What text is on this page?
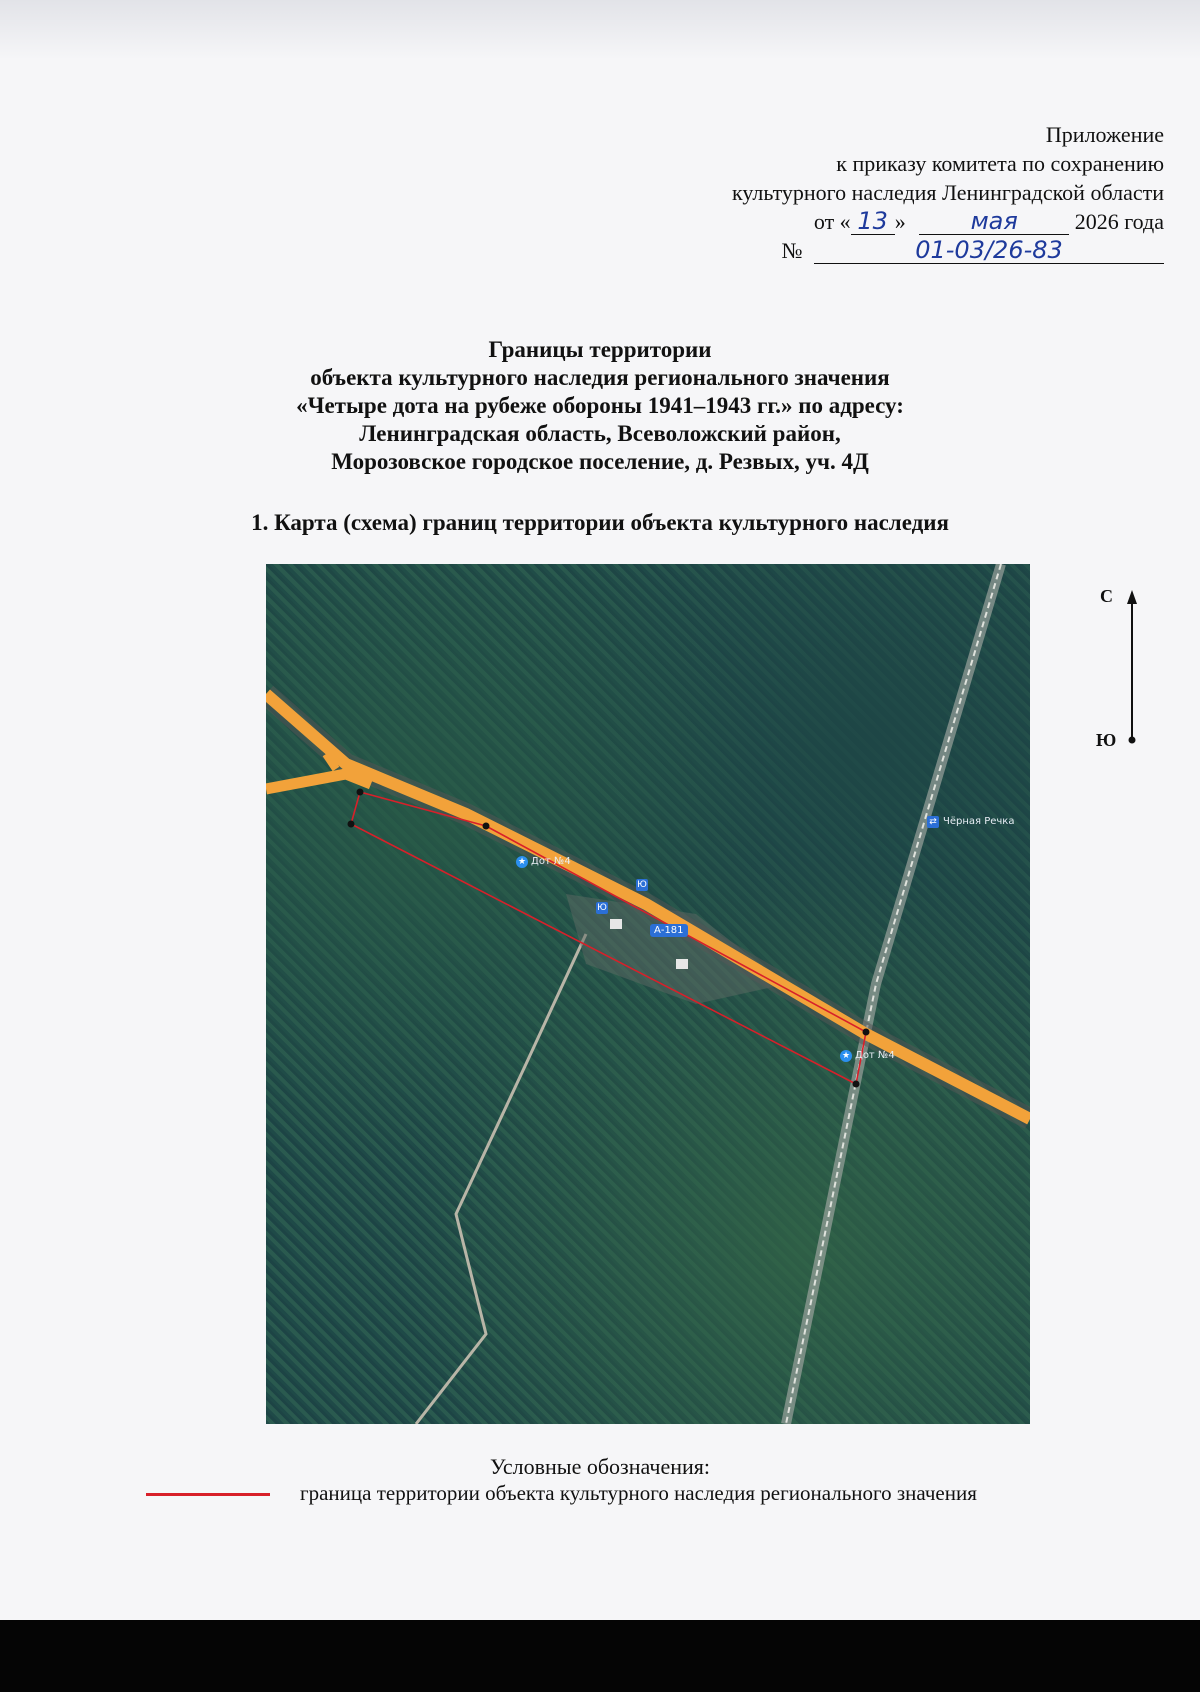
Приложение
к приказу комитета по сохранению
культурного наследия Ленинградской области
от « 13 »	мая	2026 года
№	01-03/26-83
Границы территории
объекта культурного наследия регионального значения
«Четыре дота на рубеже обороны 1941–1943 гг.» по адресу:
Ленинградская область, Всеволожский район,
Морозовское городское поселение, д. Резвых, уч. 4Д
1. Карта (схема) границ территории объекта культурного наследия
★ Дот №4
★ Дот №4
Ю
Ю
А-181
⇄ Чёрная Речка
С
Ю
Условные обозначения:
граница территории объекта культурного наследия регионального значения
